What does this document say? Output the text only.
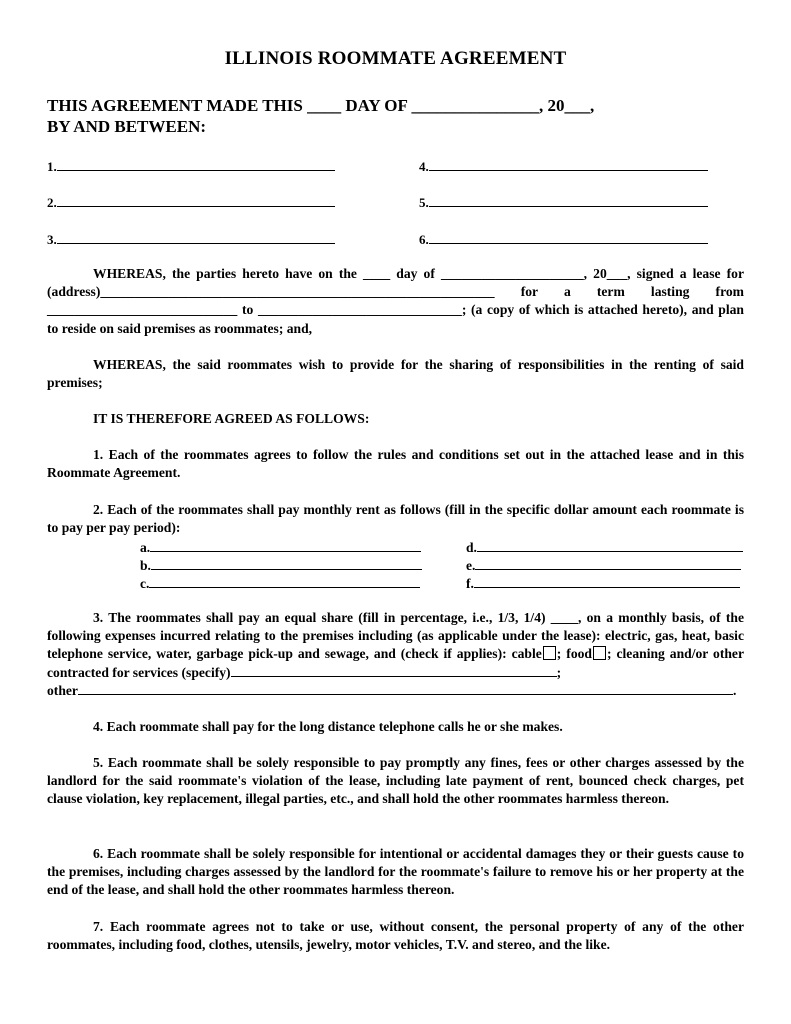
ILLINOIS ROOMMATE AGREEMENT
THIS AGREEMENT MADE THIS ____ DAY OF _______________, 20___,
BY AND BETWEEN:
1.
2.
3.
4.
5.
6.
WHEREAS, the parties hereto have on the ____ day of _____________________, 20___, signed a lease for (address)__________________________________________________________ for a term lasting from ____________________________ to ______________________________; (a copy of which is attached hereto), and plan to reside on said premises as roommates; and,
WHEREAS, the said roommates wish to provide for the sharing of responsibilities in the renting of said premises;
IT IS THEREFORE AGREED AS FOLLOWS:
1. Each of the roommates agrees to follow the rules and conditions set out in the attached lease and in this Roommate Agreement.
2. Each of the roommates shall pay monthly rent as follows (fill in the specific dollar amount each roommate is to pay per pay period):
a.
b.
c.
d.
e.
f.
3. The roommates shall pay an equal share (fill in percentage, i.e., 1/3, 1/4) ____, on a monthly basis, of the following expenses incurred relating to the premises including (as applicable under the lease): electric, gas, heat, basic telephone service, water, garbage pick-up and sewage, and (check if applies): cable ; food ; cleaning and/or other contracted for services (specify)	;
other	.
4. Each roommate shall pay for the long distance telephone calls he or she makes.
5. Each roommate shall be solely responsible to pay promptly any fines, fees or other charges assessed by the landlord for the said roommate's violation of the lease, including late payment of rent, bounced check charges, pet clause violation, key replacement, illegal parties, etc., and shall hold the other roommates harmless thereon.
6. Each roommate shall be solely responsible for intentional or accidental damages they or their guests cause to the premises, including charges assessed by the landlord for the roommate's failure to remove his or her property at the end of the lease, and shall hold the other roommates harmless thereon.
7. Each roommate agrees not to take or use, without consent, the personal property of any of the other roommates, including food, clothes, utensils, jewelry, motor vehicles, T.V. and stereo, and the like.
